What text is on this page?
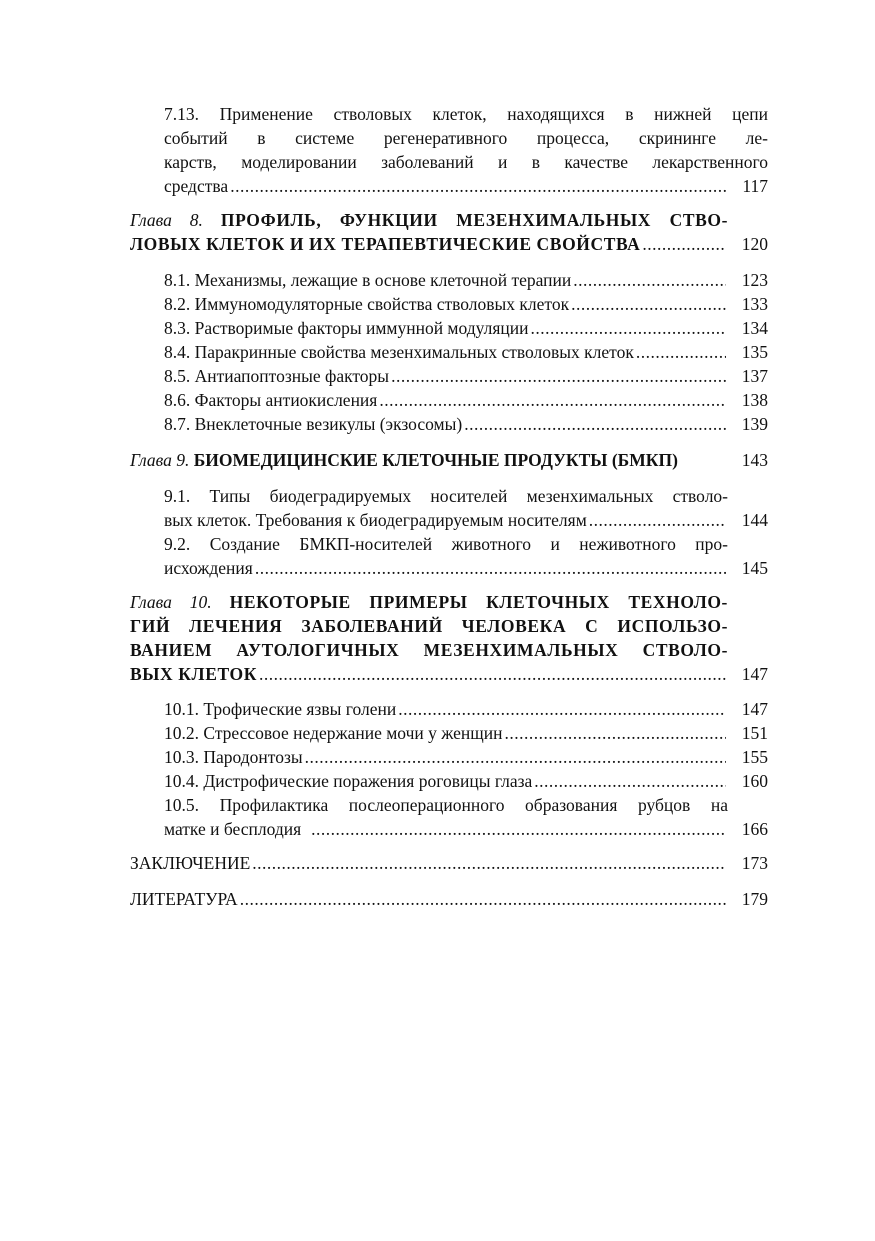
7.13. Применение стволовых клеток, находящихся в нижней цепи
событий в системе регенеративного процесса, скрининге ле-
карств, моделировании заболеваний и в качестве лекарственного
средства .....	117
Глава 8. ПРОФИЛЬ, ФУНКЦИИ МЕЗЕНХИМАЛЬНЫХ СТВО-
ЛОВЫХ КЛЕТОК И ИХ ТЕРАПЕВТИЧЕСКИЕ СВОЙСТВА .....	120
8.1. Механизмы, лежащие в основе клеточной терапии .....	123
8.2. Иммуномодуляторные свойства стволовых клеток .....	133
8.3. Растворимые факторы иммунной модуляции .....	134
8.4. Паракринные свойства мезенхимальных стволовых клеток .....	135
8.5. Антиапоптозные факторы .....	137
8.6. Факторы антиокисления .....	138
8.7. Внеклеточные везикулы (экзосомы) .....	139
Глава 9. БИОМЕДИЦИНСКИЕ КЛЕТОЧНЫЕ ПРОДУКТЫ (БМКП)	143
9.1. Типы биодеградируемых носителей мезенхимальных стволо-
вых клеток. Требования к биодеградируемым носителям .....	144
9.2. Создание БМКП-носителей животного и неживотного про-
исхождения .....	145
Глава 10. НЕКОТОРЫЕ ПРИМЕРЫ КЛЕТОЧНЫХ ТЕХНОЛО-
ГИЙ ЛЕЧЕНИЯ ЗАБОЛЕВАНИЙ ЧЕЛОВЕКА С ИСПОЛЬЗО-
ВАНИЕМ АУТОЛОГИЧНЫХ МЕЗЕНХИМАЛЬНЫХ СТВОЛО-
ВЫХ КЛЕТОК .....	147
10.1. Трофические язвы голени .....	147
10.2. Стрессовое недержание мочи у женщин .....	151
10.3. Пародонтозы .....	155
10.4. Дистрофические поражения роговицы глаза .....	160
10.5. Профилактика послеоперационного образования рубцов на
матке и бесплодия .....	166
ЗАКЛЮЧЕНИЕ .....	173
ЛИТЕРАТУРА .....	179
